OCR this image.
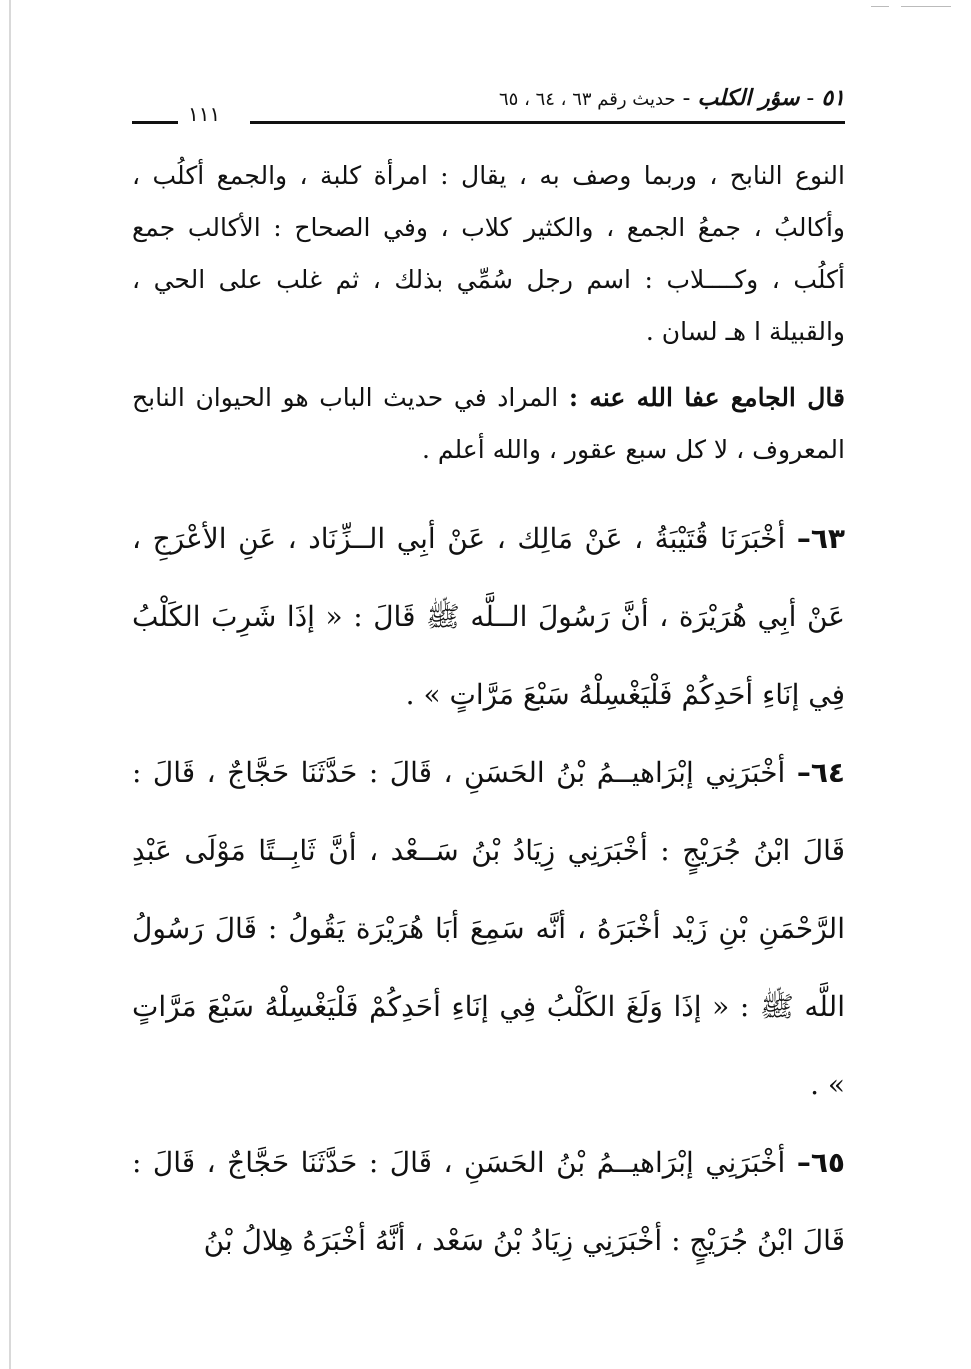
٥١ - سؤر الكلب - حديث رقم ٦٣ ، ٦٤ ، ٦٥
١١١

النوع النابح ، وربما وصف به ، يقال : امرأة كلبة ، والجمع أكلُب ، وأكالبُ ، جمعُ الجمع ، والكثير كلاب ، وفي الصحاح : الأكالب جمع أكلُب ، وكــــلاب : اسم رجل سُمِّي بذلك ، ثم غلب على الحي ، والقبيلة ا هـ لسان .

قال الجامع عفا الله عنه : المراد في حديث الباب هو الحيوان النابح المعروف ، لا كل سبع عقور ، والله أعلم .

٦٣– أخْبَرَنَا قُتَيْبَةُ ، عَنْ مَالِك ، عَنْ أبِي الــزِّنَاد ، عَنِ الأعْرَجِ ، عَنْ أبِي هُرَيْرَة ، أنَّ رَسُولَ الــلَّه ﷺ قَالَ : « إذَا شَرِبَ الكَلْبُ فِي إنَاءِ أحَدِكُمْ فَلْيَغْسِلْهُ سَبْعَ مَرَّاتٍ » .

٦٤– أخْبَرَنِي إبْرَاهيــمُ بْنُ الحَسَنِ ، قَالَ : حَدَّثَنَا حَجَّاجٌ ، قَالَ : قَالَ ابْنُ جُرَيْجٍ : أخْبَرَنِي زِيَادُ بْنُ سَــعْد ، أنَّ ثَابِــتًا مَوْلَى عَبْدِ الرَّحْمَنِ بْنِ زَيْد أخْبَرَهُ ، أنَّه سَمِعَ أبَا هُرَيْرَة يَقُولُ : قَالَ رَسُولُ اللَّه ﷺ : « إذَا وَلَغَ الكَلْبُ فِي إنَاءِ أحَدِكُمْ فَلْيَغْسِلْهُ سَبْعَ مَرَّاتٍ » .

٦٥– أخْبَرَنِي إبْرَاهيــمُ بْنُ الحَسَنِ ، قَالَ : حَدَّثَنَا حَجَّاجٌ ، قَالَ : قَالَ ابْنُ جُرَيْجٍ : أخْبَرَنِي زِيَادُ بْنُ سَعْد ، أنَّهُ أخْبَرَهُ هِلالُ بْنُ
